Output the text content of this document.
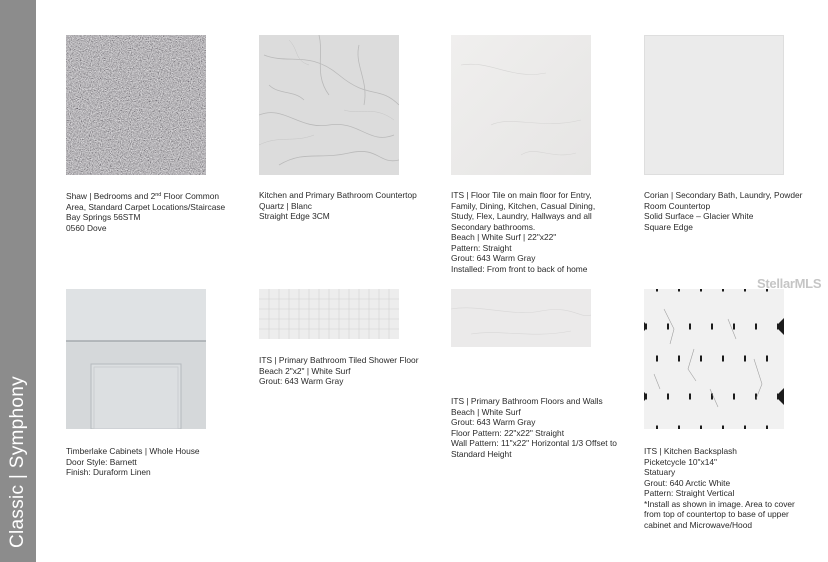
Classic | Symphony
Shaw | Bedrooms and 2nd Floor Common
Area, Standard Carpet Locations/Staircase
Bay Springs 56STM
0560 Dove
Kitchen and Primary Bathroom Countertop
Quartz | Blanc
Straight Edge 3CM
ITS | Floor Tile on main floor for Entry,
Family, Dining, Kitchen, Casual Dining,
Study, Flex, Laundry, Hallways and all
Secondary bathrooms.
Beach | White Surf | 22"x22"
Pattern: Straight
Grout: 643 Warm Gray
Installed: From front to back of home
Corian | Secondary Bath, Laundry, Powder
Room Countertop
Solid Surface – Glacier White
Square Edge
Timberlake Cabinets | Whole House
Door Style: Barnett
Finish: Duraform Linen
ITS | Primary Bathroom Tiled Shower Floor
Beach 2"x2" | White Surf
Grout: 643 Warm Gray
ITS | Primary Bathroom Floors and Walls
Beach | White Surf
Grout: 643 Warm Gray
Floor Pattern: 22"x22" Straight
Wall Pattern: 11"x22" Horizontal 1/3 Offset to
Standard Height	ITS | Kitchen Backsplash
Picketcycle 10"x14"
Statuary
Grout: 640 Arctic White
Pattern: Straight Vertical
*Install as shown in image. Area to cover
from top of countertop to base of upper
cabinet and Microwave/Hood
StellarMLS
